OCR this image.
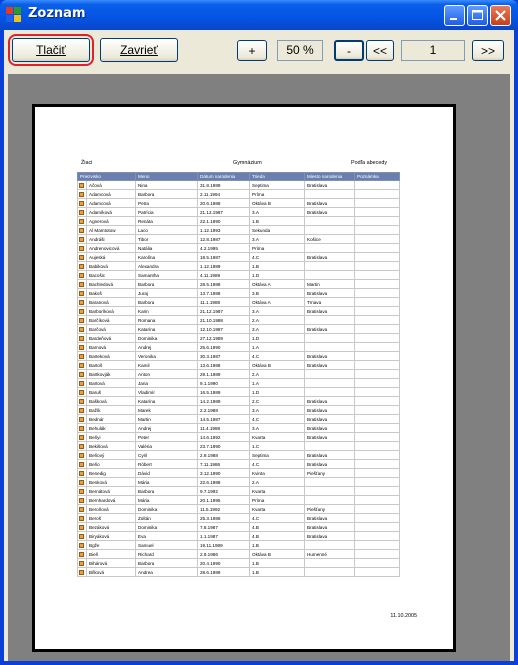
Zoznam
Tlačiť	Zavrieť	+	50 %	-	<<	1	>>
Žiaci	Gymnázium	Podľa abecedy
Priezvisko		Meno	Dátum narodenia	Trieda	Miesto narodenia	Poznámka
	Ačová	Nina	31.8.1989	Septima	Bratislava	
	Adamcová	Barbora	2.11.1994	Príma		
	Adamcová	Petra	20.6.1988	Oktáva B	Bratislava	
	Adamíková	Patrícia	21.12.1987	3.A	Bratislava	
	Agnerová	Renáta	22.1.1990	1.B		
	Al Mamtotow	Laco	1.12.1993	Sekunda		
	Andráši	Tibor	12.8.1987	3.A	Košice	
	Andrenovicová	Natália	4.2.1995	Príma		
	Aujeská	Karolína	18.5.1987	4.C	Bratislava	
	Babiková	Alexandra	1.12.1989	1.B		
	Bacošic	Samantha	4.11.1989	1.D		
	Bachledová	Barbora	28.5.1988	Oktáva A	Martin	
	Bakoš	Juraj	13.7.1988	3.B	Bratislava	
	Baranová	Barbora	11.1.1988	Oktáva A	Trnava	
	Barboríková	Karin	21.12.1987	3.A	Bratislava	
	Barčíková	Romana	21.10.1988	2.A		
	Barčová	Katarína	12.10.1987	3.A	Bratislava	
	Bardeňová	Dominika	27.12.1989	1.D		
	Barnová	Andrej	25.6.1990	1.A		
	Barteková	Veronika	30.3.1987	4.C	Bratislava	
	Bartoš	Kamil	13.6.1988	Oktáva B	Bratislava	
	Bartkovják	Anton	29.1.1989	2.A		
	Bartová	Jana	9.1.1990	1.A		
	Baruš	Vladimír	16.5.1989	1.D		
	Bašková	Katarína	14.2.1989	2.C	Bratislava	
	Bažík	Marek	2.2.1988	3.A	Bratislava	
	Bednár	Martin	14.5.1987	4.C	Bratislava	
	Behulák	Andrej	11.4.1988	3.A	Bratislava	
	Beňyi	Peter	14.6.1992	Kvarta	Bratislava	
	Bekišová	Valéria	23.7.1990	1.C		
	Beňový	Cyril	2.9.1988	Septima	Bratislava	
	Beňo	Róbert	7.11.1986	4.C	Bratislava	
	Benedig	Dávid	3.12.1990	Kvinta	Piešťany	
	Benková	Mária	22.6.1988	2.A		
	Bernátová	Barbora	9.7.1992	Kvarta		
	Bernhardová	Mária	20.1.1995	Príma		
	Beroňová	Dominika	11.5.1992	Kvarta	Piešťany	
	Beroš	Zoltán	25.3.1986	4.C	Bratislava	
	Bezáková	Dominika	7.8.1987	4.B	Bratislava	
	Biryáková	Eva	1.1.1987	4.B	Bratislava	
	Bgže	Samuel	19.11.1989	1.B		
	Bieň	Richard	2.9.1986	Oktáva B	Humenné	
	Bihárová	Barbora	20.4.1990	1.B		
	Bílková	Andrea	28.6.1989	1.B		
11.10.2005
